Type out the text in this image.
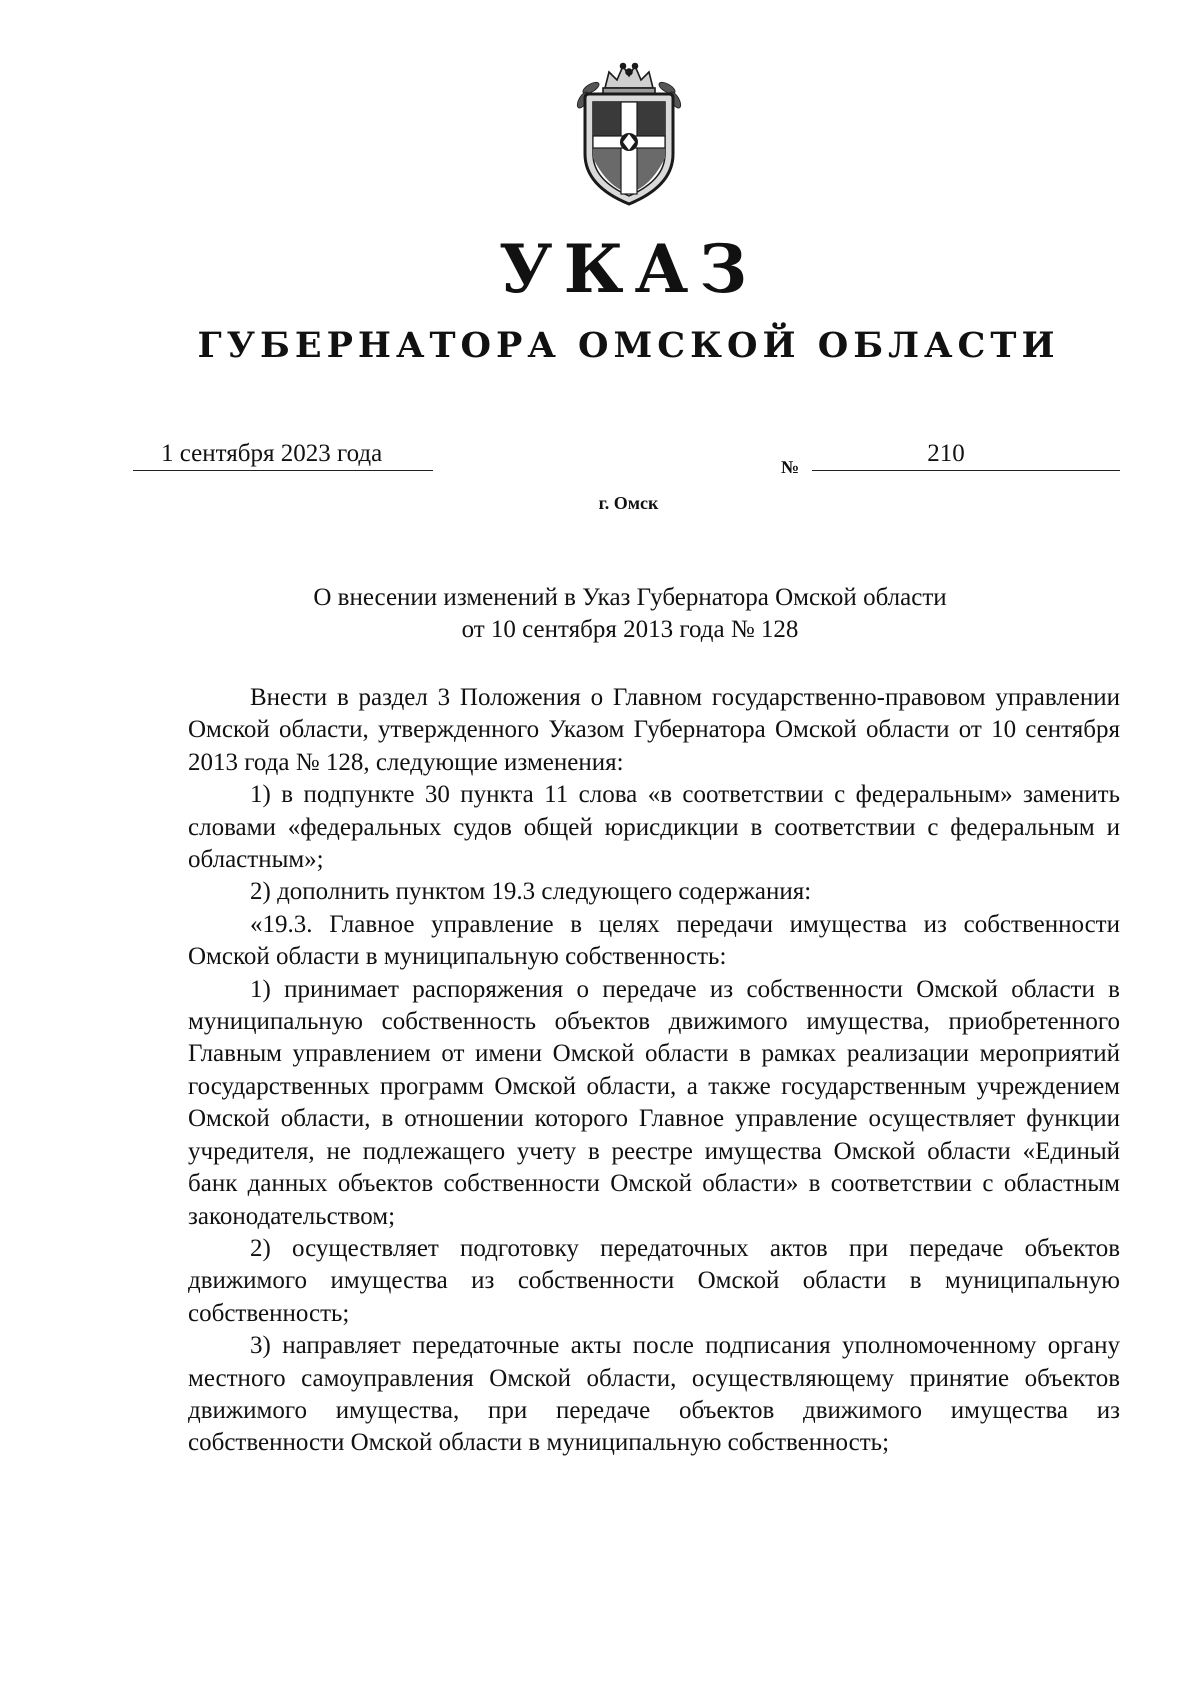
УКАЗ
ГУБЕРНАТОРА ОМСКОЙ ОБЛАСТИ
1 сентября 2023 года	№	210
г. Омск
О внесении изменений в Указ Губернатора Омской области
от 10 сентября 2013 года № 128

Внести в раздел 3 Положения о Главном государственно-правовом управлении Омской области, утвержденного Указом Губернатора Омской области от 10 сентября 2013 года № 128, следующие изменения:

1) в подпункте 30 пункта 11 слова «в соответствии с федеральным» заменить словами «федеральных судов общей юрисдикции в соответствии с федеральным и областным»;

2) дополнить пунктом 19.3 следующего содержания:

«19.3. Главное управление в целях передачи имущества из собственности Омской области в муниципальную собственность:

1) принимает распоряжения о передаче из собственности Омской области в муниципальную собственность объектов движимого имущества, приобретенного Главным управлением от имени Омской области в рамках реализации мероприятий государственных программ Омской области, а также государственным учреждением Омской области, в отношении которого Главное управление осуществляет функции учредителя, не подлежащего учету в реестре имущества Омской области «Единый банк данных объектов собственности Омской области» в соответствии с областным законодательством;

2) осуществляет подготовку передаточных актов при передаче объектов движимого имущества из собственности Омской области в муниципальную собственность;

3) направляет передаточные акты после подписания уполномоченному органу местного самоуправления Омской области, осуществляющему принятие объектов движимого имущества, при передаче объектов движимого имущества из собственности Омской области в муниципальную собственность;
